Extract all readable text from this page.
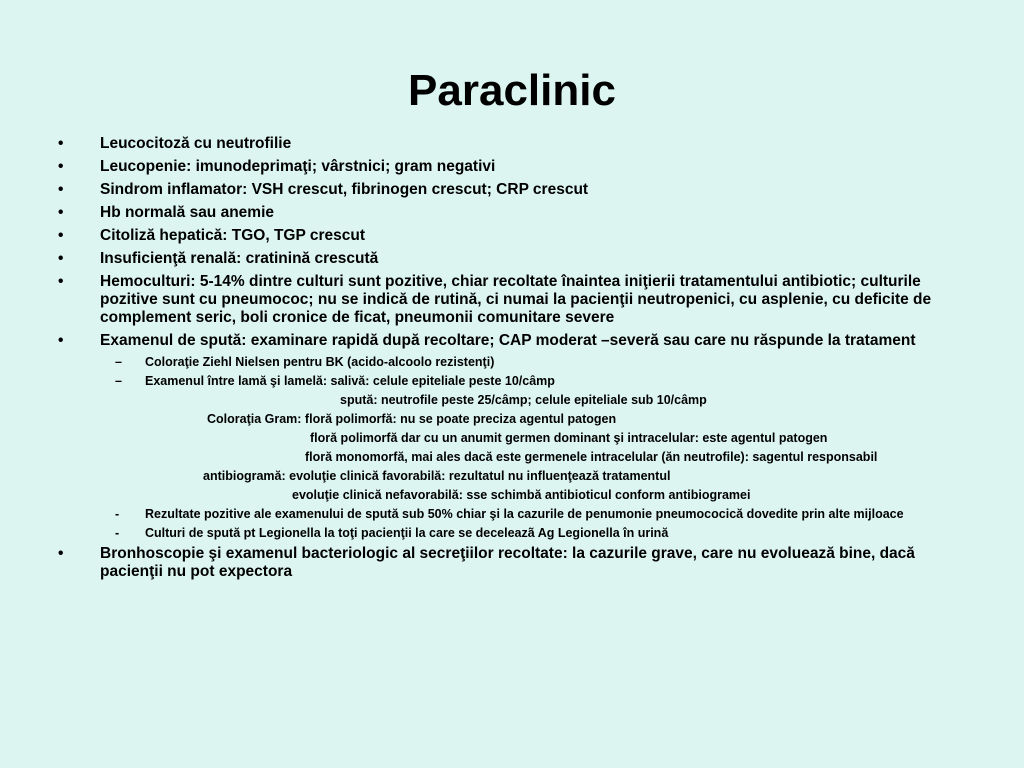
Paraclinic
• Leucocitoză cu neutrofilie
• Leucopenie: imunodeprimaţi; vârstnici; gram negativi
• Sindrom inflamator: VSH crescut, fibrinogen crescut; CRP crescut
• Hb normală sau anemie
• Citoliză hepatică: TGO, TGP crescut
• Insuficienţă renală: cratinină crescută
• Hemoculturi: 5-14% dintre culturi sunt pozitive, chiar recoltate înaintea iniţierii tratamentului antibiotic; culturile pozitive sunt cu pneumococ; nu se indică de rutină, ci numai la pacienţii neutropenici, cu asplenie, cu deficite de complement seric, boli cronice de ficat, pneumonii comunitare severe
• Examenul de spută: examinare rapidă după recoltare; CAP moderat –severă sau care nu răspunde la tratament
– Coloraţie Ziehl Nielsen pentru BK (acido-alcoolo rezistenţi)
– Examenul între lamă şi lamelă: salivă: celule epiteliale peste 10/câmp
spută: neutrofile peste 25/câmp; celule epiteliale sub 10/câmp
Coloraţia Gram: floră polimorfă: nu se poate preciza agentul patogen
floră polimorfă dar cu un anumit germen dominant şi intracelular: este agentul patogen
floră monomorfă, mai ales dacă este germenele intracelular (ăn neutrofile): sagentul responsabil
antibiogramă: evoluţie clinică favorabilă: rezultatul nu influenţează tratamentul
evoluţie clinică nefavorabilă: sse schimbă antibioticul conform antibiogramei
- Rezultate pozitive ale examenului de spută sub 50% chiar şi la cazurile de penumonie pneumococică dovedite prin alte mijloace
- Culturi de spută pt Legionella la toţi pacienţii la care se deceleazã Ag Legionella în urină
• Bronhoscopie şi examenul bacteriologic al secreţiilor recoltate: la cazurile grave, care nu evoluează bine, dacă pacienţii nu pot expectora
